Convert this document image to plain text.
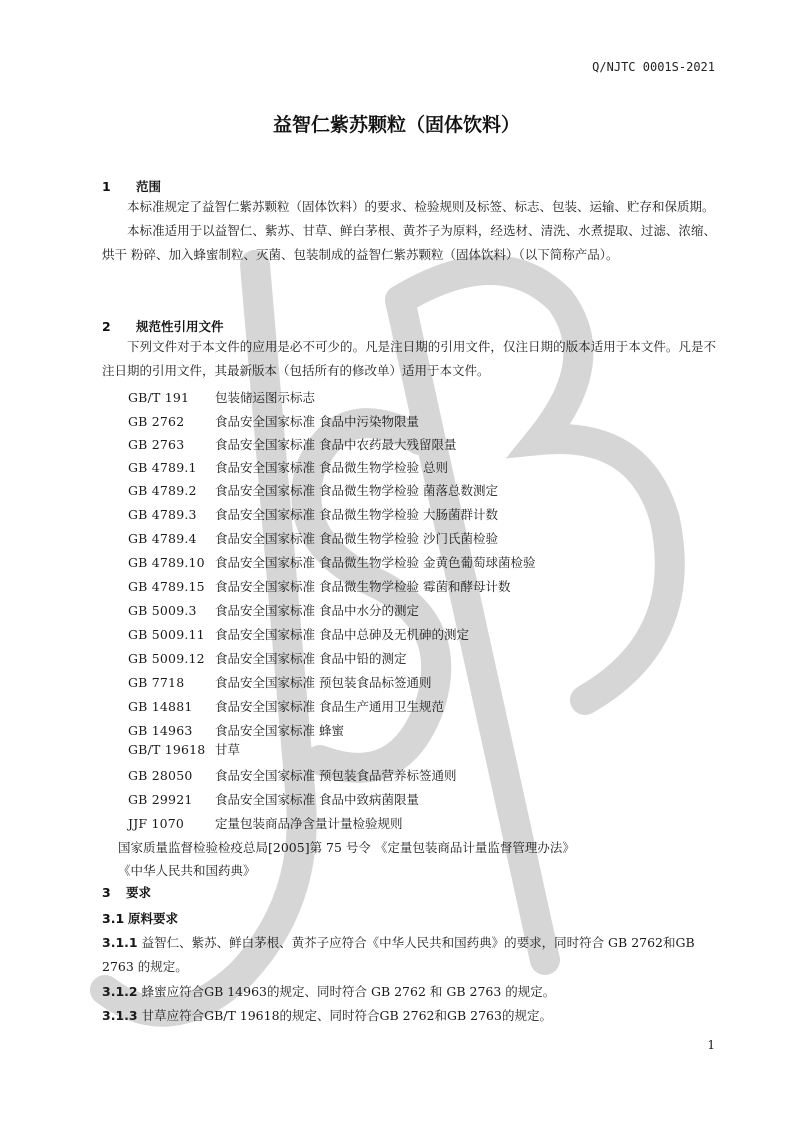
Q/NJTC 0001S-2021
益智仁紫苏颗粒（固体饮料）
1 范围

本标准规定了益智仁紫苏颗粒（固体饮料）的要求、检验规则及标签、标志、包装、运输、贮存和保质期。

本标准适用于以益智仁、紫苏、甘草、鲜白茅根、黄芥子为原料，经选材、清洗、水煮提取、过滤、浓缩、烘干 粉碎、加入蜂蜜制粒、灭菌、包装制成的益智仁紫苏颗粒（固体饮料）（以下简称产品）。

2 规范性引用文件

下列文件对于本文件的应用是必不可少的。凡是注日期的引用文件，仅注日期的版本适用于本文件。凡是不注日期的引用文件，其最新版本（包括所有的修改单）适用于本文件。

GB/T 191 包装储运图示标志
GB 2762 食品安全国家标准 食品中污染物限量
GB 2763 食品安全国家标准 食品中农药最大残留限量
GB 4789.1 食品安全国家标准 食品微生物学检验 总则
GB 4789.2 食品安全国家标准 食品微生物学检验 菌落总数测定
GB 4789.3 食品安全国家标准 食品微生物学检验 大肠菌群计数
GB 4789.4 食品安全国家标准 食品微生物学检验 沙门氏菌检验
GB 4789.10 食品安全国家标准 食品微生物学检验 金黄色葡萄球菌检验
GB 4789.15 食品安全国家标准 食品微生物学检验 霉菌和酵母计数
GB 5009.3 食品安全国家标准 食品中水分的测定
GB 5009.11 食品安全国家标准 食品中总砷及无机砷的测定
GB 5009.12 食品安全国家标准 食品中铅的测定
GB 7718 食品安全国家标准 预包装食品标签通则
GB 14881 食品安全国家标准 食品生产通用卫生规范
GB 14963 食品安全国家标准 蜂蜜
GB/T 19618 甘草
GB 28050 食品安全国家标准 预包装食品营养标签通则
GB 29921 食品安全国家标准 食品中致病菌限量
JJF 1070 定量包装商品净含量计量检验规则
国家质量监督检验检疫总局[2005]第 75 号令 《定量包装商品计量监督管理办法》
《中华人民共和国药典》
3 要求
3.1 原料要求
3.1.1 益智仁、紫苏、鲜白茅根、黄芥子应符合《中华人民共和国药典》的要求，同时符合 GB 2762和GB 2763 的规定。
3.1.2 蜂蜜应符合GB 14963的规定、同时符合 GB 2762 和 GB 2763 的规定。
3.1.3 甘草应符合GB/T 19618的规定、同时符合GB 2762和GB 2763的规定。
1
